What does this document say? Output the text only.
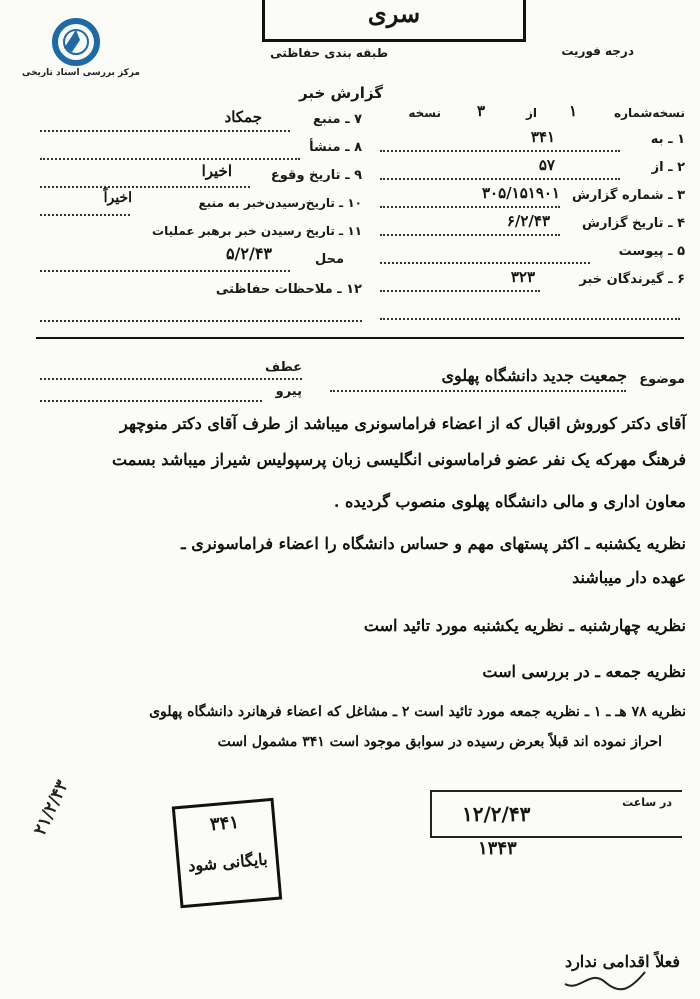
مرکز بررسی اسناد تاریخی
سری
طبقه بندی حفاظتی	درجه فوریت
گزارش خبر
نسخه‌شماره
۱
از
۳
نسخه
۱ ـ به
۳۴۱
۲ ـ از
۵۷
۳ ـ شماره گزارش
۳۰۵/۱۵۱۹۰۱
۴ ـ تاریخ گزارش
۶/۲/۴۳
۵ ـ پیوست
۶ ـ گیرندگان خبر
۳۲۳
۷ ـ منبع
جمکاد
۸ ـ منشأ
۹ ـ تاریخ وقوع
اخیرا
۱۰ ـ تاریخ‌رسیدن‌خبر به منبع
اخیراً
۱۱ ـ تاریخ رسیدن خبر برهبر عملیات
محل
۵/۲/۴۳
۱۲ ـ ملاحظات حفاظتی
عطف
پیرو
موضوع
جمعیت جدید دانشگاه پهلوی
آقای دکتر کوروش اقبال که از اعضاء فراماسونری میباشد از طرف آقای دکتر منوچهر
فرهنگ مهرکه یک نفر عضو فراماسونی انگلیسی زبان پرسپولیس شیراز میباشد بسمت
معاون اداری و مالی دانشگاه پهلوی منصوب گردیده .
نظریه یکشنبه ـ اکثر پستهای مهم و حساس دانشگاه را اعضاء فراماسونری ـ
عهده دار میباشند
نظریه چهارشنبه ـ نظریه یکشنبه مورد تائید است
نظریه جمعه ـ در بررسی است
نظریه ۷۸ هـ ـ ۱ ـ نظریه جمعه مورد تائید است ۲ ـ مشاغل که اعضاء فرهانرد دانشگاه پهلوی
احراز نموده اند قبلاً بعرض رسیده در سوابق موجود است ۳۴۱ مشمول است
در ساعت
۱۲/۲/۴۳
۱۳۴۳
۳۴۱
بایگانی شود
۲۱/۲/۴۳
فعلاً اقدامی ندارد
